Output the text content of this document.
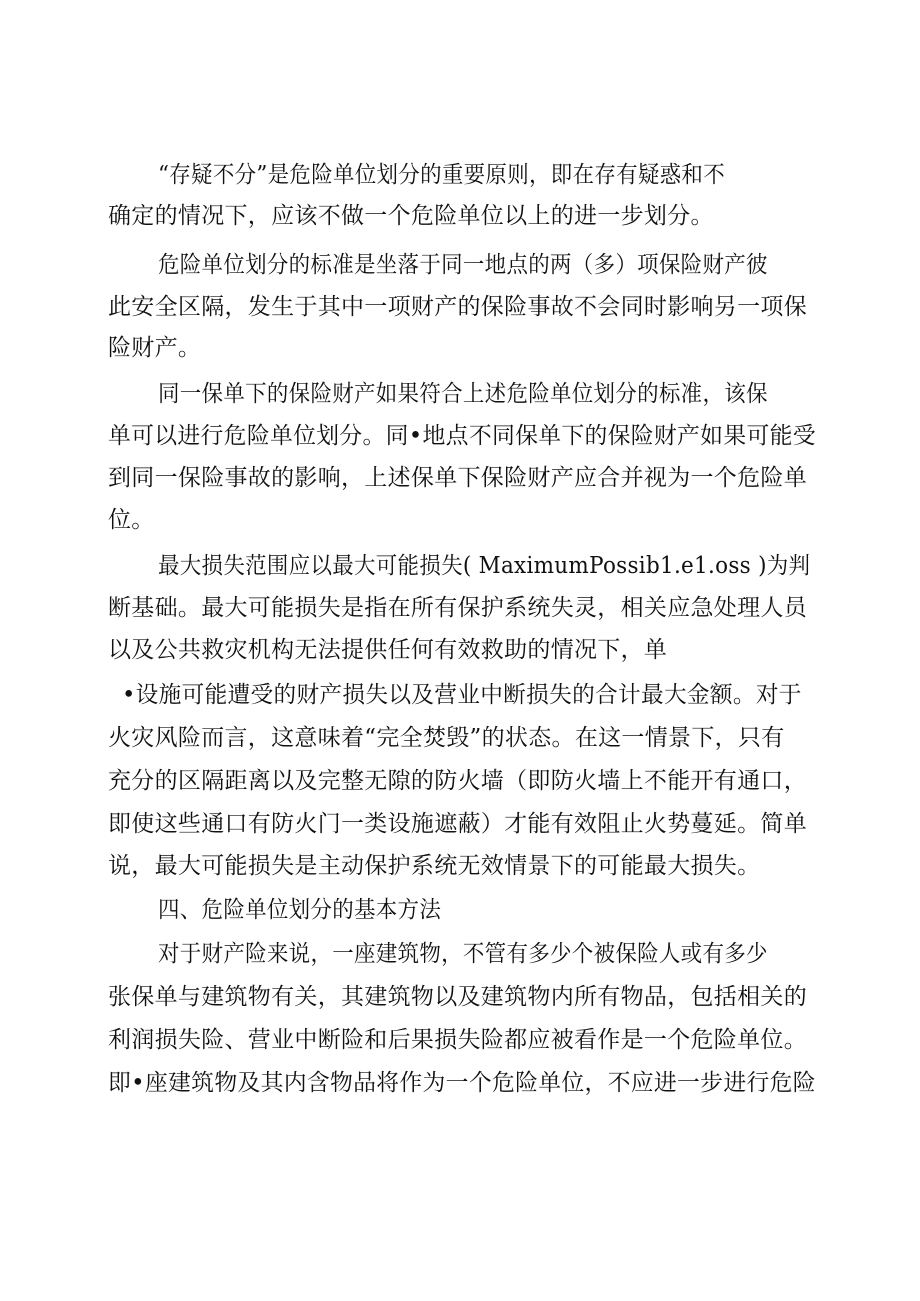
“存疑不分”是危险单位划分的重要原则，即在存有疑惑和不
确定的情况下，应该不做一个危险单位以上的进一步划分。
危险单位划分的标准是坐落于同一地点的两（多）项保险财产彼
此安全区隔，发生于其中一项财产的保险事故不会同时影响另一项保
险财产。
同一保单下的保险财产如果符合上述危险单位划分的标准，该保
单可以进行危险单位划分。同•地点不同保单下的保险财产如果可能受
到同一保险事故的影响，上述保单下保险财产应合并视为一个危险单
位。
最大损失范围应以最大可能损失( MaximumPossib1.e1.oss )为判
断基础。最大可能损失是指在所有保护系统失灵，相关应急处理人员
以及公共救灾机构无法提供任何有效救助的情况下，单
•设施可能遭受的财产损失以及营业中断损失的合计最大金额。对于
火灾风险而言，这意味着“完全焚毁”的状态。在这一情景下，只有
充分的区隔距离以及完整无隙的防火墙（即防火墙上不能开有通口，
即使这些通口有防火门一类设施遮蔽）才能有效阻止火势蔓延。简单
说，最大可能损失是主动保护系统无效情景下的可能最大损失。
四、危险单位划分的基本方法
对于财产险来说，一座建筑物，不管有多少个被保险人或有多少
张保单与建筑物有关，其建筑物以及建筑物内所有物品，包括相关的
利润损失险、营业中断险和后果损失险都应被看作是一个危险单位。
即•座建筑物及其内含物品将作为一个危险单位，不应进一步进行危险
